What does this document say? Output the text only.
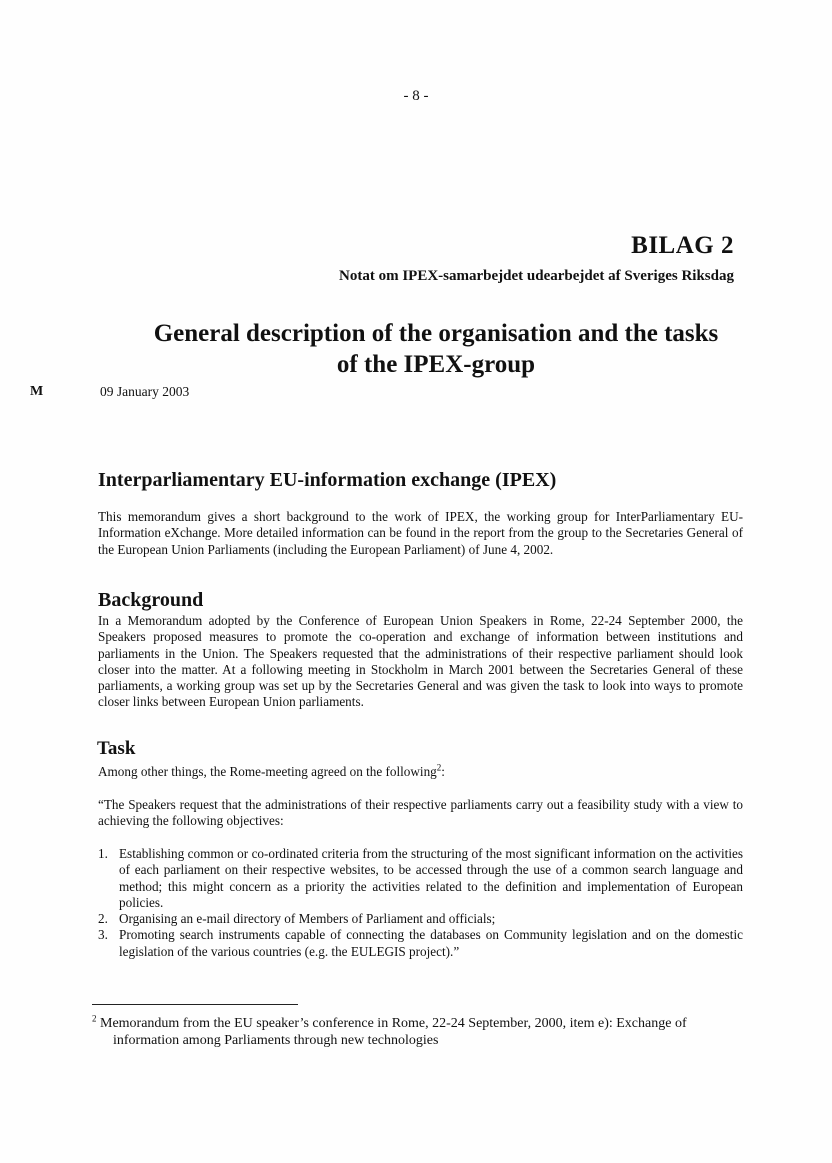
- 8 -
BILAG 2
Notat om IPEX-samarbejdet udearbejdet af Sveriges Riksdag
General description of the organisation and the tasks
of the IPEX-group
M	09 January 2003
Interparliamentary EU-information exchange (IPEX)
This memorandum gives a short background to the work of IPEX, the working group for InterParliamentary EU-Information eXchange. More detailed information can be found in the report from the group to the Secretaries General of the European Union Parliaments (including the European Parliament) of June 4, 2002.
Background
In a Memorandum adopted by the Conference of European Union Speakers in Rome, 22-24 September 2000, the Speakers proposed measures to promote the co-operation and exchange of information between institutions and parliaments in the Union. The Speakers requested that the administrations of their respective parliament should look closer into the matter. At a following meeting in Stockholm in March 2001 between the Secretaries General of these parliaments, a working group was set up by the Secretaries General and was given the task to look into ways to promote closer links between European Union parliaments.
Task
Among other things, the Rome-meeting agreed on the following$^2$:
“The Speakers request that the administrations of their respective parliaments carry out a feasibility study with a view to achieving the following objectives:
1. Establishing common or co-ordinated criteria from the structuring of the most significant information on the activities of each parliament on their respective websites, to be accessed through the use of a common search language and method; this might concern as a priority the activities related to the definition and implementation of European policies.
2. Organising an e-mail directory of Members of Parliament and officials;
3. Promoting search instruments capable of connecting the databases on Community legislation and on the domestic legislation of the various countries (e.g. the EULEGIS project).”
$^2$ Memorandum from the EU speaker’s conference in Rome, 22-24 September, 2000, item e): Exchange of information among Parliaments through new technologies
